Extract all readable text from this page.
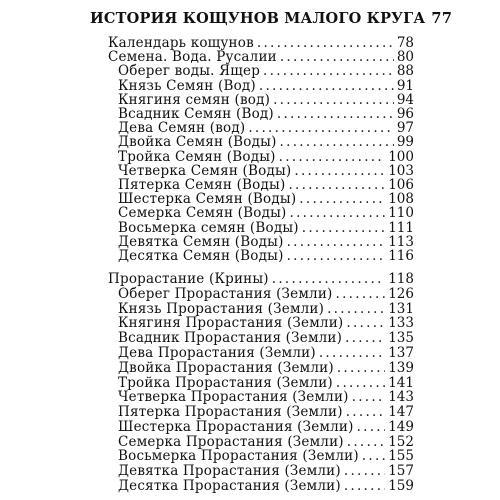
ИСТОРИЯ КОЩУНОВ МАЛОГО КРУГА 77
Календарь кощунов . . .	78
Семена. Вода. Русалии . . .	80
Оберег воды. Ящер . . .	88
Князь Семян (Вод) . . .	91
Княгиня семян (вод) . . .	94
Всадник Семян (Вод) . . .	96
Дева Семян (вод) . . .	97
Двойка Семян (Воды) . . .	99
Тройка Семян (Воды) . . .	100
Четверка Семян (Воды) . . .	103
Пятерка Семян (Воды) . . .	106
Шестерка Семян (Воды) . . .	108
Семерка Семян (Воды) . . .	110
Восьмерка семян (Воды) . . .	111
Девятка Семян (Воды) . . .	113
Десятка Семян (Воды) . . .	116
Прорастание (Крины) . . .	118
Оберег Прорастания (Земли) . . .	126
Князь Прорастания (Земли) . . .	131
Княгиня Прорастания (Земли) . . .	133
Всадник Прорастания (Земли) . . .	135
Дева Прорастания (Земли) . . .	137
Двойка Прорастания (Земли) . . .	139
Тройка Прорастания (Земли) . . .	141
Четверка Прорастания (Земли) . . .	143
Пятерка Прорастания (Земли) . . .	147
Шестерка Прорастания (Земли) . . .	149
Семерка Прорастания (Земли) . . .	152
Восьмерка Прорастания (Земли) . . . 155
Девятка Прорастания (Земли) . . .	157
Десятка Прорастания (Земли) . . .	159
